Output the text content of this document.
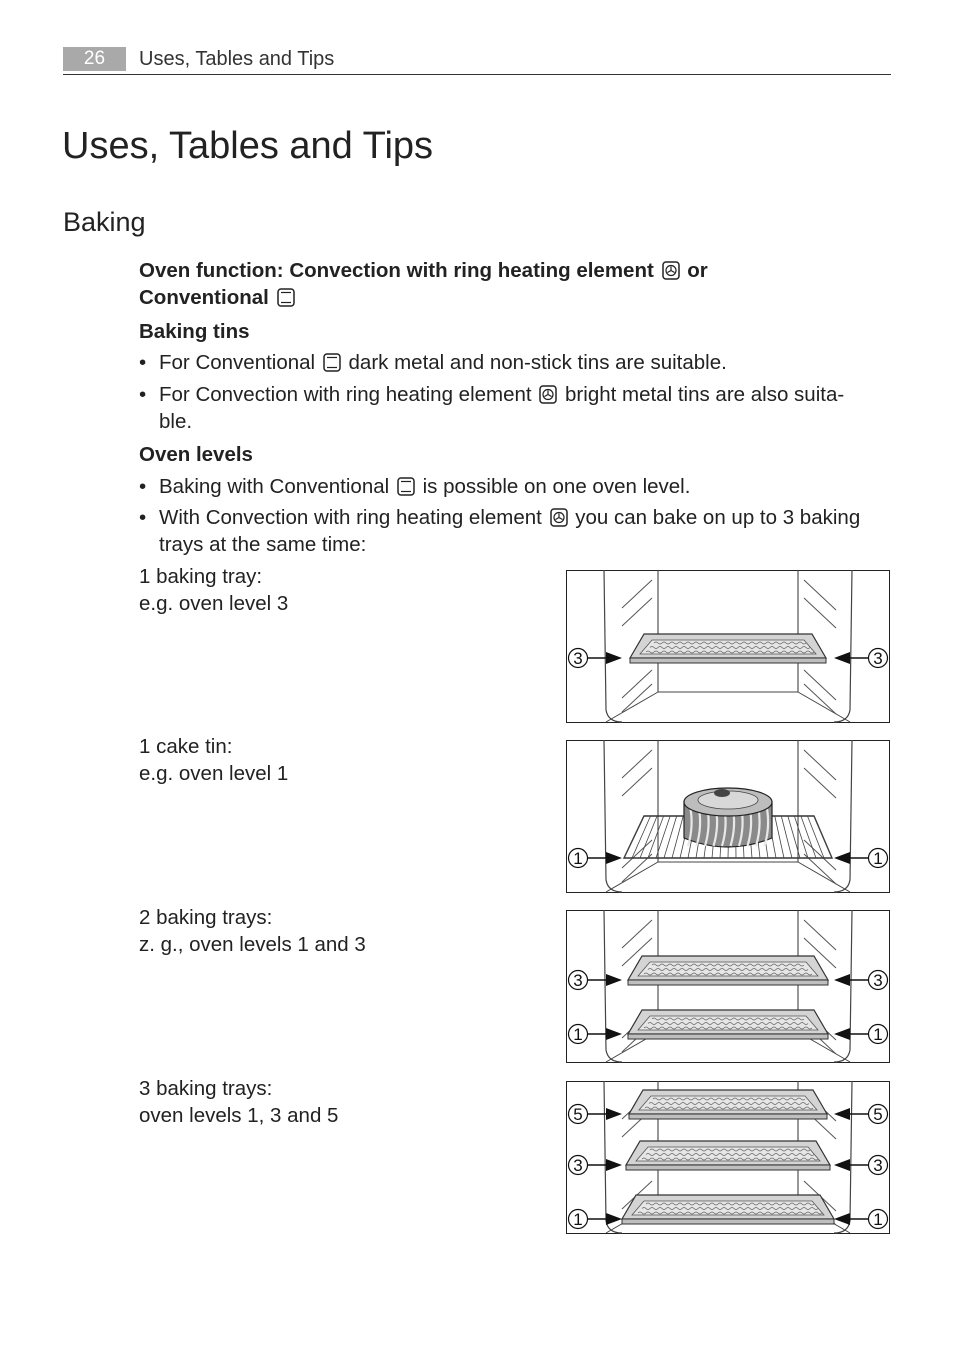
26	Uses, Tables and Tips
Uses, Tables and Tips
Baking
Oven function: Convection with ring heating element or
Conventional
Baking tins
• For Conventional dark metal and non-stick tins are suitable.
• For Convection with ring heating element bright metal tins are also suita-
ble.
Oven levels
• Baking with Conventional is possible on one oven level.
• With Convection with ring heating element you can bake on up to 3 baking
trays at the same time:
1 baking tray:
e.g. oven level 3
1 cake tin:
e.g. oven level 1
2 baking trays:
z. g., oven levels 1 and 3
3 baking trays:
oven levels 1, 3 and 5
3	3
1	1
3	3
1	1
5	5
3	3
1	1
